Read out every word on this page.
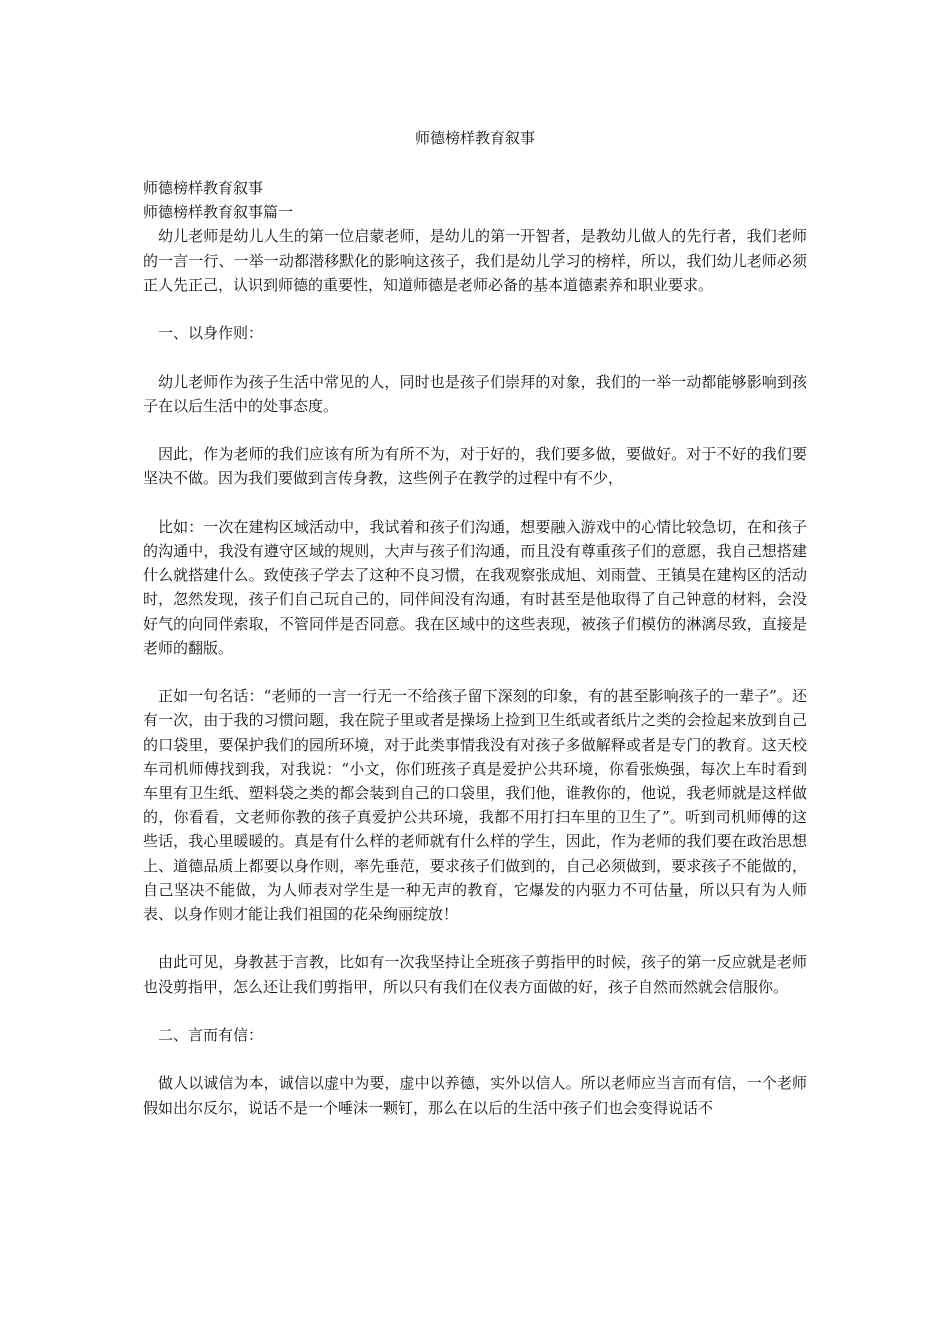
师德榜样教育叙事

师德榜样教育叙事

师德榜样教育叙事篇一

幼儿老师是幼儿人生的第一位启蒙老师，是幼儿的第一开智者，是教幼儿做人的先行者，我们老师的一言一行、一举一动都潜移默化的影响这孩子，我们是幼儿学习的榜样，所以，我们幼儿老师必须正人先正己，认识到师德的重要性，知道师德是老师必备的基本道德素养和职业要求。

一、以身作则：

幼儿老师作为孩子生活中常见的人，同时也是孩子们崇拜的对象，我们的一举一动都能够影响到孩子在以后生活中的处事态度。

因此，作为老师的我们应该有所为有所不为，对于好的，我们要多做，要做好。对于不好的我们要坚决不做。因为我们要做到言传身教，这些例子在教学的过程中有不少，

比如：一次在建构区域活动中，我试着和孩子们沟通，想要融入游戏中的心情比较急切，在和孩子的沟通中，我没有遵守区域的规则，大声与孩子们沟通，而且没有尊重孩子们的意愿，我自己想搭建什么就搭建什么。致使孩子学去了这种不良习惯，在我观察张成旭、刘雨萱、王镇昊在建构区的活动时，忽然发现，孩子们自己玩自己的，同伴间没有沟通，有时甚至是他取得了自己钟意的材料，会没好气的向同伴索取，不管同伴是否同意。我在区域中的这些表现，被孩子们模仿的淋漓尽致，直接是老师的翻版。

正如一句名话：“老师的一言一行无一不给孩子留下深刻的印象，有的甚至影响孩子的一辈子”。还有一次，由于我的习惯问题，我在院子里或者是操场上捡到卫生纸或者纸片之类的会捡起来放到自己的口袋里，要保护我们的园所环境，对于此类事情我没有对孩子多做解释或者是专门的教育。这天校车司机师傅找到我，对我说：“小文，你们班孩子真是爱护公共环境，你看张焕强，每次上车时看到车里有卫生纸、塑料袋之类的都会装到自己的口袋里，我们他，谁教你的，他说，我老师就是这样做的，你看看，文老师你教的孩子真爱护公共环境，我都不用打扫车里的卫生了”。听到司机师傅的这些话，我心里暖暖的。真是有什么样的老师就有什么样的学生，因此，作为老师的我们要在政治思想上、道德品质上都要以身作则，率先垂范，要求孩子们做到的，自己必须做到，要求孩子不能做的，自己坚决不能做，为人师表对学生是一种无声的教育，它爆发的内驱力不可估量，所以只有为人师表、以身作则才能让我们祖国的花朵绚丽绽放！

由此可见，身教甚于言教，比如有一次我坚持让全班孩子剪指甲的时候，孩子的第一反应就是老师也没剪指甲，怎么还让我们剪指甲，所以只有我们在仪表方面做的好，孩子自然而然就会信服你。

二、言而有信：

做人以诚信为本，诚信以虚中为要，虚中以养德，实外以信人。所以老师应当言而有信，一个老师假如出尔反尔，说话不是一个唾沫一颗钉，那么在以后的生活中孩子们也会变得说话不
